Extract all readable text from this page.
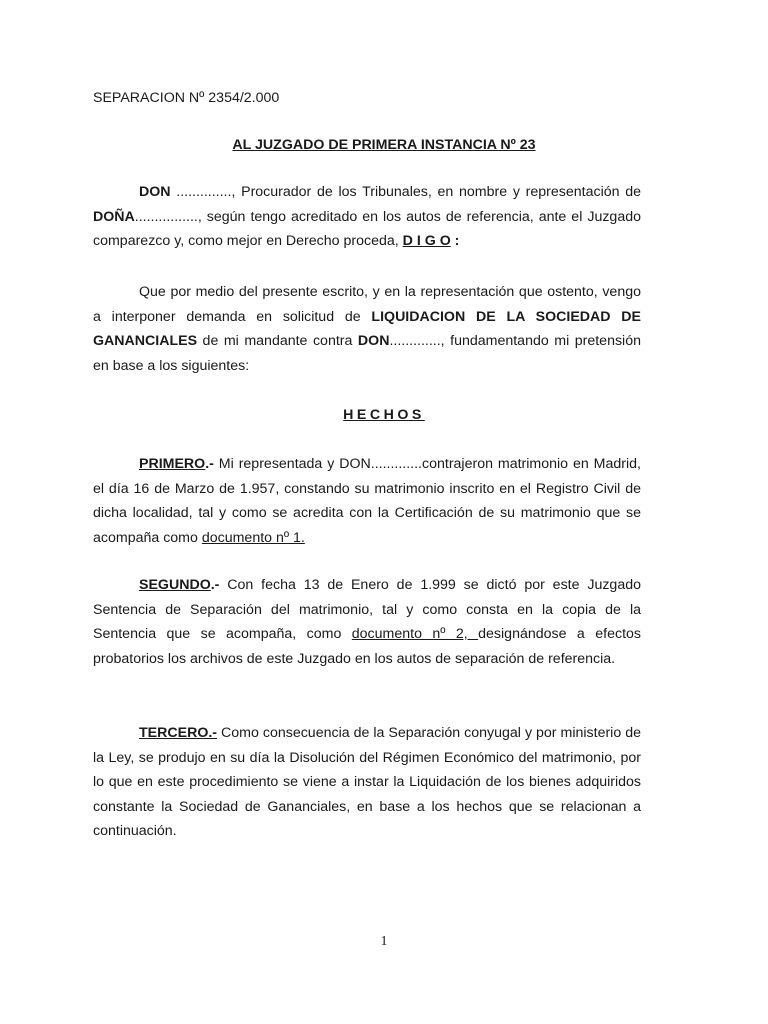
SEPARACION Nº 2354/2.000
AL JUZGADO DE PRIMERA INSTANCIA Nº 23
DON .............., Procurador de los Tribunales, en nombre y representación de DOÑA................, según tengo acreditado en los autos de referencia, ante el Juzgado comparezco y, como mejor en Derecho proceda, D I G O :
Que por medio del presente escrito, y en la representación que ostento, vengo a interponer demanda en solicitud de LIQUIDACION DE LA SOCIEDAD DE GANANCIALES de mi mandante contra DON............., fundamentando mi pretensión en base a los siguientes:
HECHOS
PRIMERO.- Mi representada y DON.............contrajeron matrimonio en Madrid, el día 16 de Marzo de 1.957, constando su matrimonio inscrito en el Registro Civil de dicha localidad, tal y como se acredita con la Certificación de su matrimonio que se acompaña como documento nº 1.
SEGUNDO.- Con fecha 13 de Enero de 1.999 se dictó por este Juzgado Sentencia de Separación del matrimonio, tal y como consta en la copia de la Sentencia que se acompaña, como documento nº 2, designándose a efectos probatorios los archivos de este Juzgado en los autos de separación de referencia.
TERCERO.- Como consecuencia de la Separación conyugal y por ministerio de la Ley, se produjo en su día la Disolución del Régimen Económico del matrimonio, por lo que en este procedimiento se viene a instar la Liquidación de los bienes adquiridos constante la Sociedad de Gananciales, en base a los hechos que se relacionan a continuación.
1
